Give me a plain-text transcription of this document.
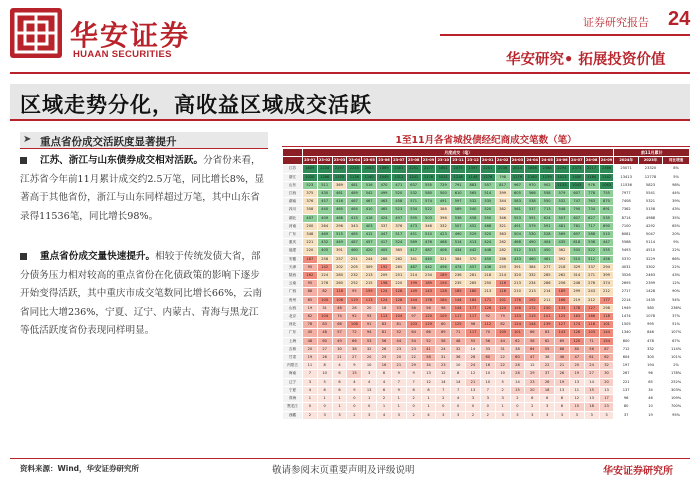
华安证券
HUAAN SECURITIES
证券研究报告 24
华安研究• 拓展投资价值
区域走势分化，高收益区域成交活跃
➤ 重点省份成交活跃度显著提升
江苏、浙江与山东债券成交相对活跃。分省份来看，江苏省今年前11月累计成交约2.5万笔，同比增长8%，显著高于其他省份，浙江与山东同样超过万笔，其中山东省录得11536笔，同比增长98%。
重点省份成交量快速提升。相较于传统发债大省，部分债务压力相对较高的重点省份在化债政策的影响下逐步开始变得活跃，其中重庆市成交笔数同比增长66%，云南省同比大增236%，宁夏、辽宁、内蒙古、青海与黑龙江等低活跃度省份表现同样明显。
1至11月各省城投债经纪商成交笔数（笔）
	月度成交（笔）																					前11月累计		
	23-01	23-02	23-03	23-04	23-05	23-06	23-07	23-08	23-09	23-10	23-11	23-12	24-01	24-02	24-03	24-04	24-05	24-06	24-07	24-08	24-09	2024年	2023年	同比增速
江苏	1809	2234	2197	2245	2083	1869	2303	2251	2177	1881	2075	1397	2251	2036	2014	1866	2368	2294	2373	2217	2366	25071	23320	8%
浙江	1020	1286	1153	1136	1140	1049	1312	1241	1178	1031	1218	1148	1276	798	1179	1160	1159	1013	1400	1184	1142	13413	12778	5%
山东	523	511	369	481	516	470	471	637	555	729	791	883	557	817	967	970	902	1133	1043	976	1063	11536	5823	98%
江西	375	430	461	489	542	499	520	532	580	500	610	565	514	399	605	566	558	579	607	778	755	7977	5541	44%
湖南	376	457	416	467	467	463	458	571	574	491	597	532	535	344	583	538	550	532	747	763	870	7408	5321	39%
四川	358	440	465	464	410	465	523	534	522	388	589	540	520	382	561	537	713	548	790	734	691	7362	5158	43%
湖北	407	409	468	415	418	424	497	595	503	396	536	458	550	346	553	591	624	507	607	627	535	8714	4988	35%
河南	200	264	296	343	403	337	376	473	346	332	507	452	468	321	491	579	591	481	761	717	690	7100	4292	65%
广东	348	469	515	465	412	447	517	451	510	423	490	529	520	363	504	530	528	569	697	588	510	6081	5047	20%
重庆	221	432	449	487	457	417	524	569	476	468	514	413	424	262	468	490	404	435	818	536	447	5568	5114	9%
福建	220	405	391	460	420	405	365	417	487	406	434	442	448	282	512	513	450	362	505	522	555	5493	4510	22%
安徽	187	258	257	251	244	286	262	341	440	321	384	370	450	286	433	460	461	392	510	512	456	5370	3229	66%
天津	95	142	202	205	309	192	285	487	442	496	474	457	436	255	391	384	277	218	329	337	294	4031	3302	22%
陕西	162	224	280	232	213	209	251	214	234	189	236	281	218	214	320	332	285	262	314	271	399	3526	2463	43%
云南	95	278	260	252	215	198	220	199	189	194	235	265	250	116	213	234	286	256	246	276	374	2695	2399	12%
广西	88	82	118	95	159	124	128	149	143	128	185	180	213	116	210	213	214	189	299	243	212	2717	1428	90%
贵州	65	100	106	119	113	124	128	144	176	184	144	184	171	101	176	192	211	166	219	212	177	2214	1435	54%
山西	19	31	46	28	20	18	53	56	56	98	144	177	126	120	158	172	150	133	178	127	298	1949	580	236%
北京	62	104	74	92	93	113	104	97	120	105	117	117	92	79	133	115	101	125	163	166	118	1474	1078	37%
河北	78	83	66	108	91	83	81	103	129	60	125	98	112	82	124	144	139	127	174	118	101	1505	995	51%
广东	45	48	57	72	94	81	52	64	66	69	71	117	70	105	101	66	83	143	128	103	144	1340	846	107%
上海	48	60	49	66	53	56	44	54	52	58	48	55	56	44	62	58	62	69	120	71	154	800	478	67%
吉林	20	27	30	38	32	26	23	23	41	24	32	14	33	31	38	64	55	68	80	56	87	712	332	114%
甘肃	19	26	21	27	20	25	20	22	58	31	36	28	60	22	60	47	38	46	47	61	62	604	300	101%
内蒙古	11	8	4	9	10	16	21	29	34	23	10	24	16	22	28	12	22	21	20	24	32	197	194	2%
海南	7	10	6	15	3	8	9	9	13	12	8	12	10	10	28	29	37	26	19	27	30	267	96	178%
辽宁	3	5	6	4	4	4	7	7	12	14	14	21	10	5	14	23	26	19	13	14	20	221	65	252%
宁夏	4	6	6	9	13	6	9	8	8	7	7	13	7	2	15	20	18	13	11	15	13	137	34	303%
青海	1	1	1	0	1	2	1	2	1	2	4	3	3	3	2	6	6	8	12	13	17	96	46	109%
黑龙江	0	0	1	0	0	1	1	0	1	0	0	0	0	1	0	2	3	8	15	18	23	80	10	700%
西藏	2	3	3	2	3	4	3	2	4	3	3	2	2	3	3	3	3	3	3	3	3	37	19	95%
资料来源：Wind，华安证券研究所	敬请参阅末页重要声明及评级说明	华安证券研究所
